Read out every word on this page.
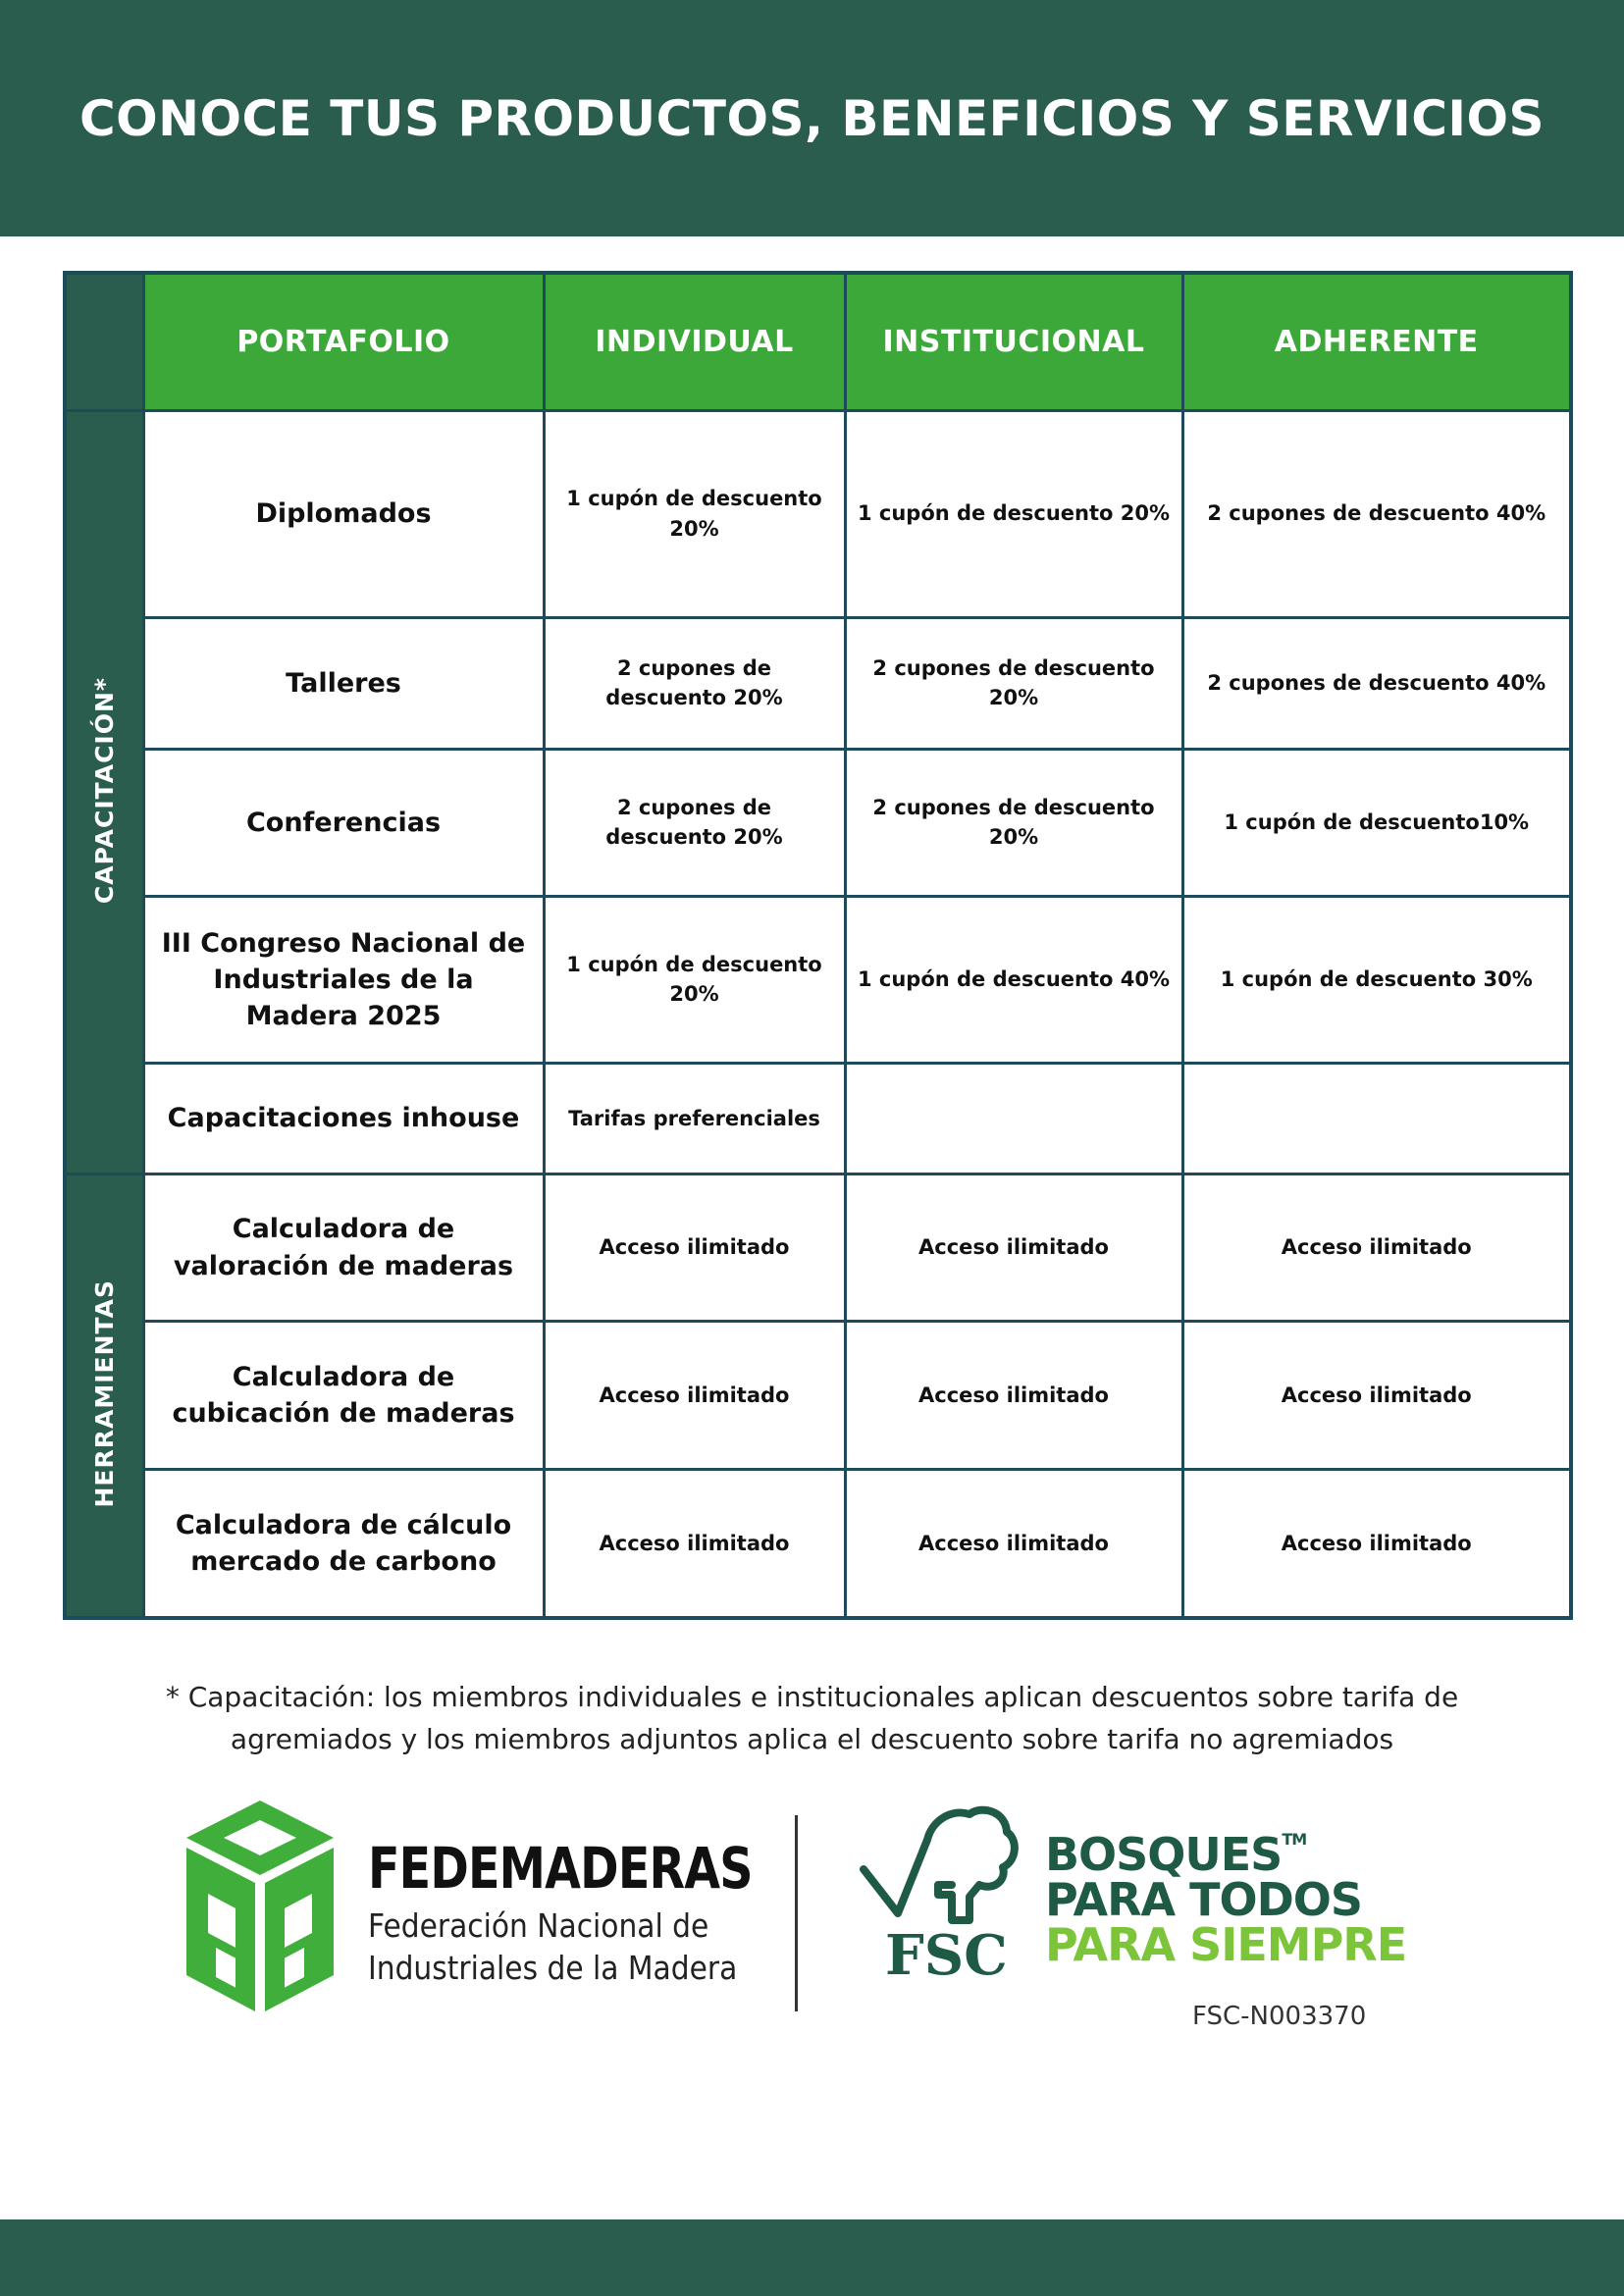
CONOCE TUS PRODUCTOS, BENEFICIOS Y SERVICIOS
	PORTAFOLIO	INDIVIDUAL	INSTITUCIONAL	ADHERENTE
CAPACITACIÓN*	Diplomados	1 cupón de descuento 20%	1 cupón de descuento 20%	2 cupones de descuento 40%
	Talleres	2 cupones de descuento 20%	2 cupones de descuento 20%	2 cupones de descuento 40%
	Conferencias	2 cupones de descuento 20%	2 cupones de descuento 20%	1 cupón de descuento10%
	III Congreso Nacional de Industriales de la Madera 2025	1 cupón de descuento 20%	1 cupón de descuento 40%	1 cupón de descuento 30%
	Capacitaciones inhouse	Tarifas preferenciales		
HERRAMIENTAS	Calculadora de valoración de maderas	Acceso ilimitado	Acceso ilimitado	Acceso ilimitado
	Calculadora de cubicación de maderas	Acceso ilimitado	Acceso ilimitado	Acceso ilimitado
	Calculadora de cálculo mercado de carbono	Acceso ilimitado	Acceso ilimitado	Acceso ilimitado

* Capacitación: los miembros individuales e institucionales aplican descuentos sobre tarifa de agremiados y los miembros adjuntos aplica el descuento sobre tarifa no agremiados

FEDEMADERAS
Federación Nacional de
Industriales de la Madera	FSC
BOSQUES™
PARA TODOS
PARA SIEMPRE
FSC-N003370
